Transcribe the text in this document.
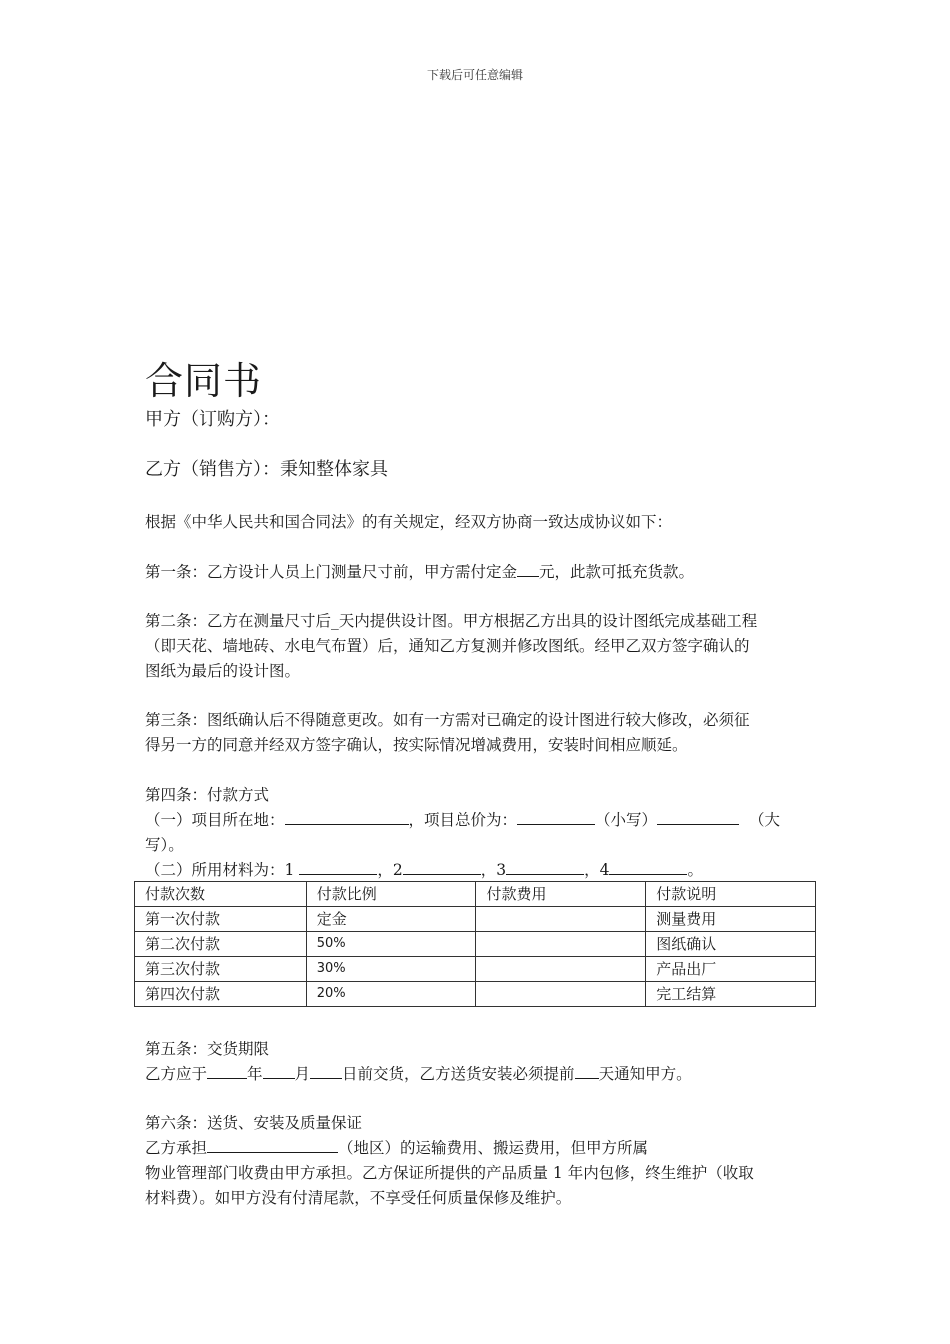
下载后可任意编辑
合同书
甲方（订购方）：
乙方（销售方）：秉知整体家具
根据《中华人民共和国合同法》的有关规定，经双方协商一致达成协议如下：
第一条：乙方设计人员上门测量尺寸前，甲方需付定金 元，此款可抵充货款。
第二条：乙方在测量尺寸后_天内提供设计图。甲方根据乙方出具的设计图纸完成基础工程
（即天花、墙地砖、水电气布置）后，通知乙方复测并修改图纸。经甲乙双方签字确认的
图纸为最后的设计图。
第三条：图纸确认后不得随意更改。如有一方需对已确定的设计图进行较大修改，必须征
得另一方的同意并经双方签字确认，按实际情况增减费用，安装时间相应顺延。
第四条：付款方式
（一）项目所在地：	，项目总价为：	（小写）	（大
写）。
（二）所用材料为：1	，2	，3	，4	。
付款次数	付款比例	付款费用	付款说明
第一次付款	定金		测量费用
第二次付款	50%		图纸确认
第三次付款	30%		产品出厂
第四次付款	20%		完工结算
第五条：交货期限
乙方应于	年 月 日前交货，乙方送货安装必须提前 天通知甲方。
第六条：送货、安装及质量保证
乙方承担	（地区）的运输费用、搬运费用，但甲方所属
物业管理部门收费由甲方承担。乙方保证所提供的产品质量 1 年内包修，终生维护（收取
材料费）。如甲方没有付清尾款，不享受任何质量保修及维护。
